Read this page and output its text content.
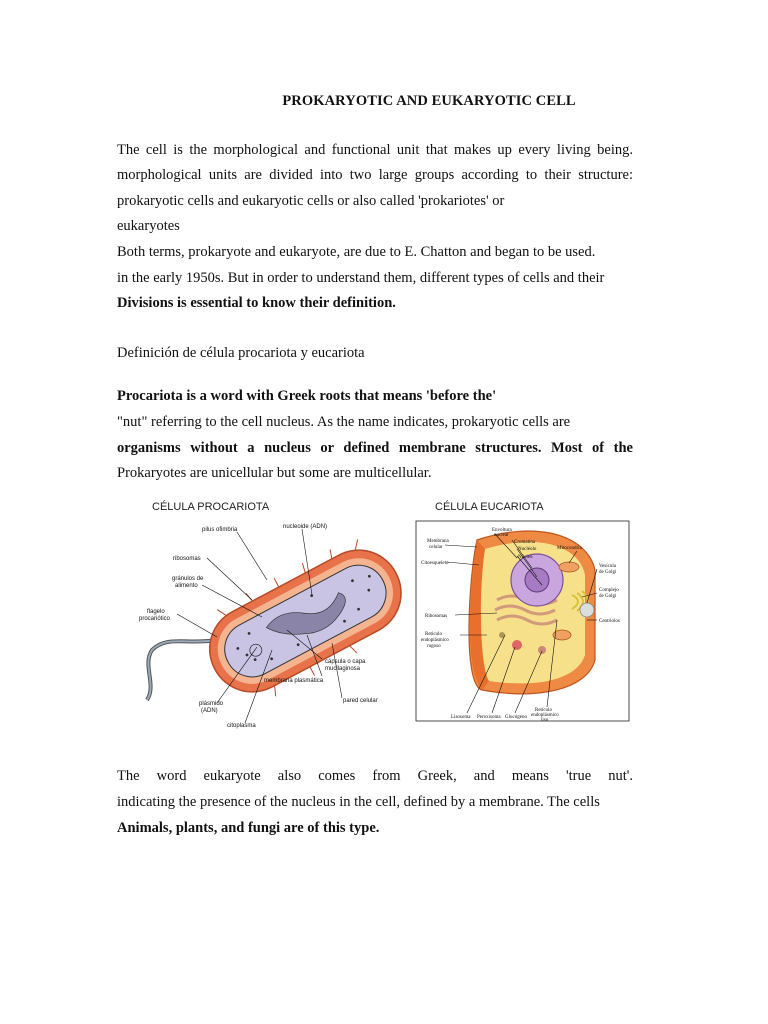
PROKARYOTIC AND EUKARYOTIC CELL
The cell is the morphological and functional unit that makes up every living being.
morphological units are divided into two large groups according to their structure:
prokaryotic cells and eukaryotic cells or also called 'prokariotes' or
eukaryotes
Both terms, prokaryote and eukaryote, are due to E. Chatton and began to be used.
in the early 1950s. But in order to understand them, different types of cells and their
Divisions is essential to know their definition.
Definición de célula procariota y eucariota
Procariota is a word with Greek roots that means 'before the'
"nut" referring to the cell nucleus. As the name indicates, prokaryotic cells are
organisms without a nucleus or defined membrane structures. Most of the
Prokaryotes are unicellular but some are multicellular.
CÉLULA PROCARIOTA
pilus ofimbria	nucleoide (ADN)
ribosomas
gránulos de
alimento
flagelo
procariótico
cápsula o capa
mucilaginosa
membrana plasmática
pared celular
plásmido
(ADN)
citoplasma
CÉLULA EUCARIOTA
Envoltura
nuclear
Cromatina
Nucléolo
Núcleo
Membrana
celular
Citoesqueleto
Mitocondria
Vesícula
de Golgi
Complejo
de Golgi
Ribosomas
Centriolos
Retículo
endoplásmico
rugoso
Lisosoma Peroxisoma Glucógeno
Retículo
endoplásmico
liso
The word eukaryote also comes from Greek, and means 'true nut'.
indicating the presence of the nucleus in the cell, defined by a membrane. The cells
Animals, plants, and fungi are of this type.
